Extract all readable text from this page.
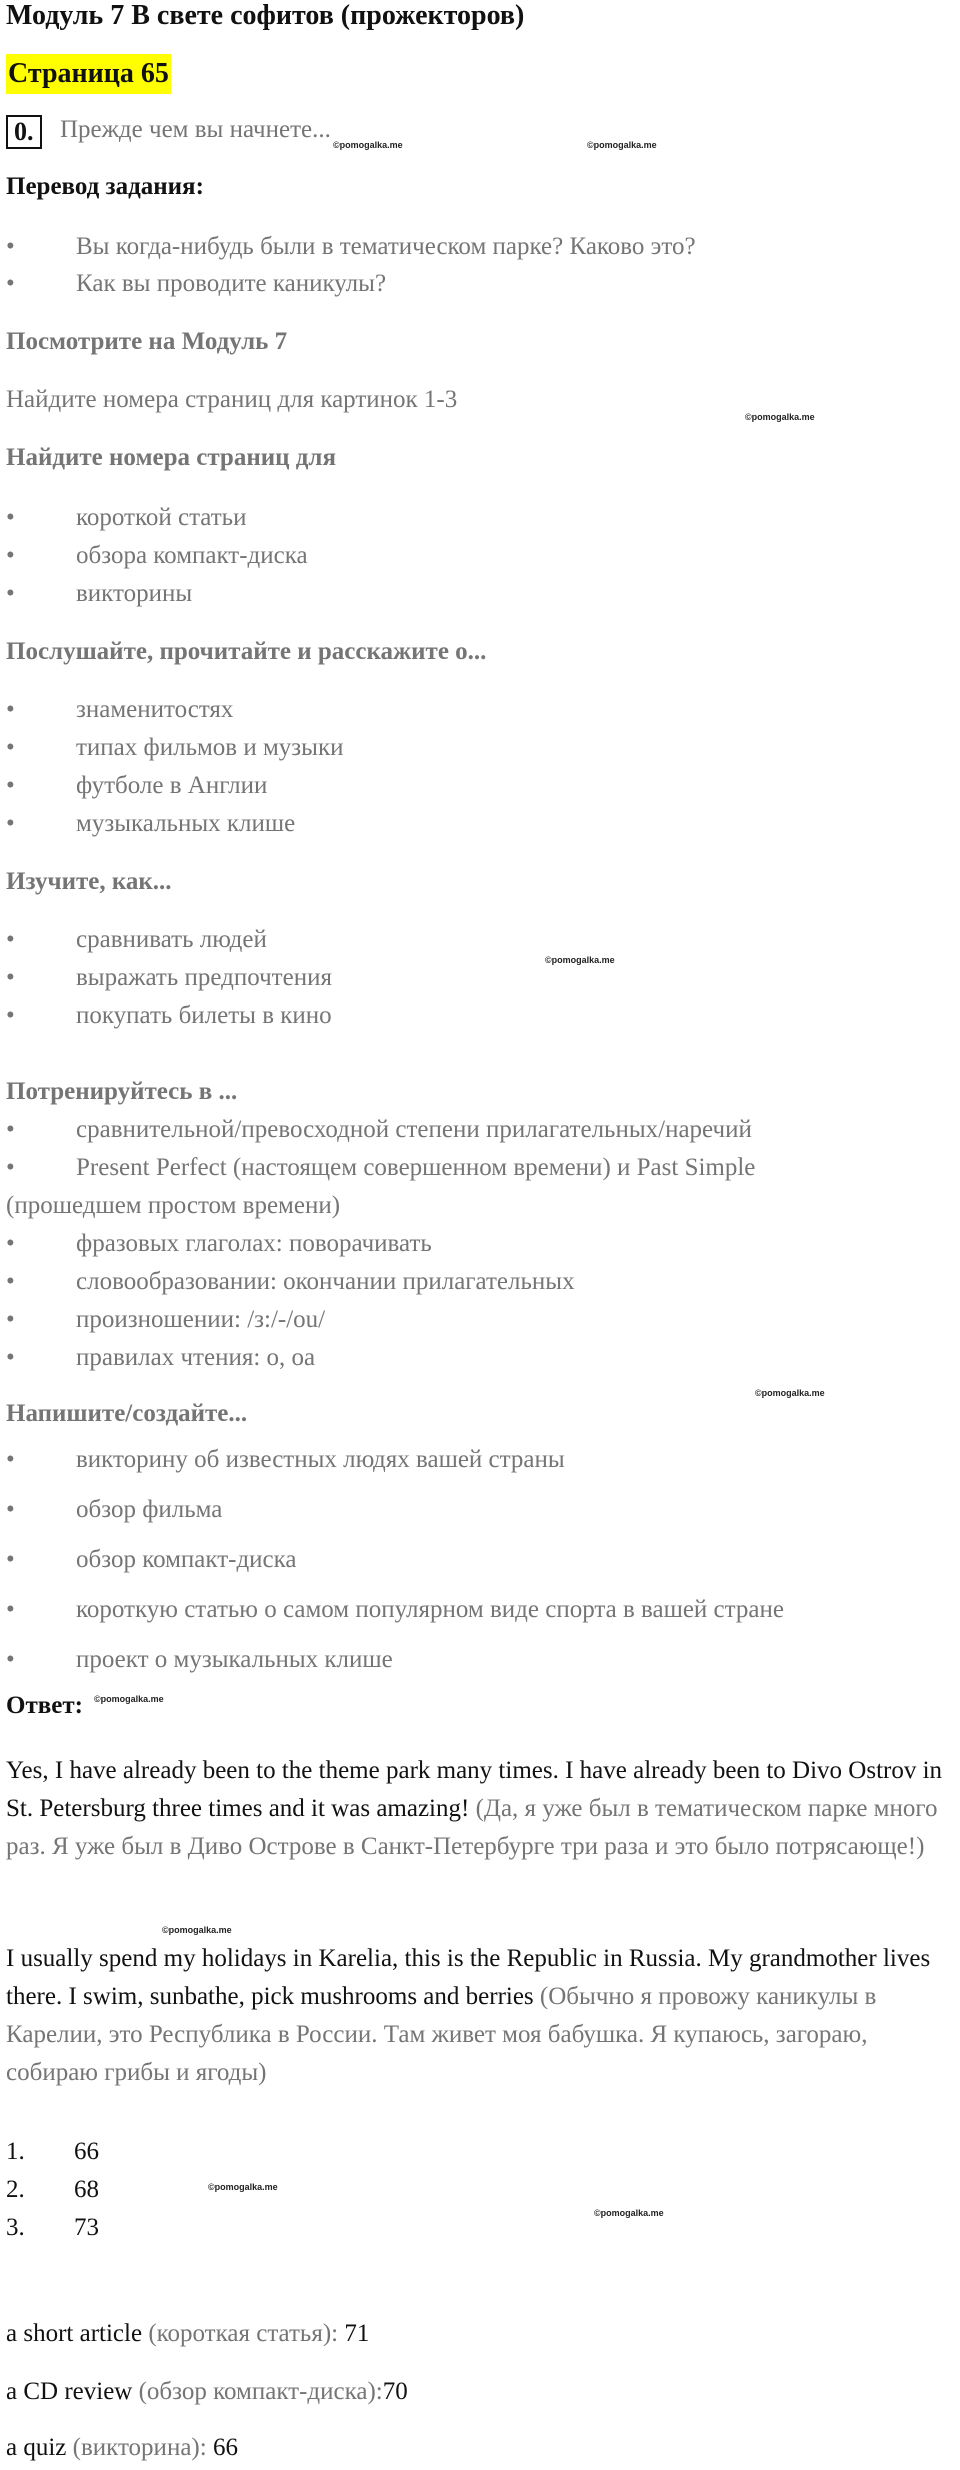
Модуль 7 В свете софитов (прожекторов)
Страница 65
0.	Прежде чем вы начнете...
©pomogalka.me	©pomogalka.me
Перевод задания:
• Вы когда-нибудь были в тематическом парке? Каково это?
• Как вы проводите каникулы?
Посмотрите на Модуль 7
Найдите номера страниц для картинок 1-3
©pomogalka.me
Найдите номера страниц для
• короткой статьи
• обзора компакт-диска
• викторины
Послушайте, прочитайте и расскажите о...
• знаменитостях
• типах фильмов и музыки
• футболе в Англии
• музыкальных клише
Изучите, как...
• сравнивать людей
©pomogalka.me
• выражать предпочтения
• покупать билеты в кино
Потренируйтесь в ...
• сравнительной/превосходной степени прилагательных/наречий
• Present Perfect (настоящем совершенном времени) и Past Simple
(прошедшем простом времени)
• фразовых глаголах: поворачивать
• словообразовании: окончании прилагательных
• произношении: /з:/-/ou/
• правилах чтения: о, оа
©pomogalka.me
Напишите/создайте...
• викторину об известных людях вашей страны
• обзор фильма
• обзор компакт-диска
• короткую статью о самом популярном виде спорта в вашей стране
• проект о музыкальных клише
Ответ: ©pomogalka.me
Yes, I have already been to the theme park many times. I have already been to Divo Ostrov in St. Petersburg three times and it was amazing! (Да, я уже был в тематическом парке много раз. Я уже был в Диво Острове в Санкт-Петербурге три раза и это было потрясающе!)
©pomogalka.me
I usually spend my holidays in Karelia, this is the Republic in Russia. My grandmother lives there. I swim, sunbathe, pick mushrooms and berries (Обычно я провожу каникулы в Карелии, это Республика в России. Там живет моя бабушка. Я купаюсь, загораю, собираю грибы и ягоды)
1. 66
2. 68	©pomogalka.me
©pomogalka.me
3. 73
a short article (короткая статья): 71
a CD review (обзор компакт-диска):70
a quiz (викторина): 66
